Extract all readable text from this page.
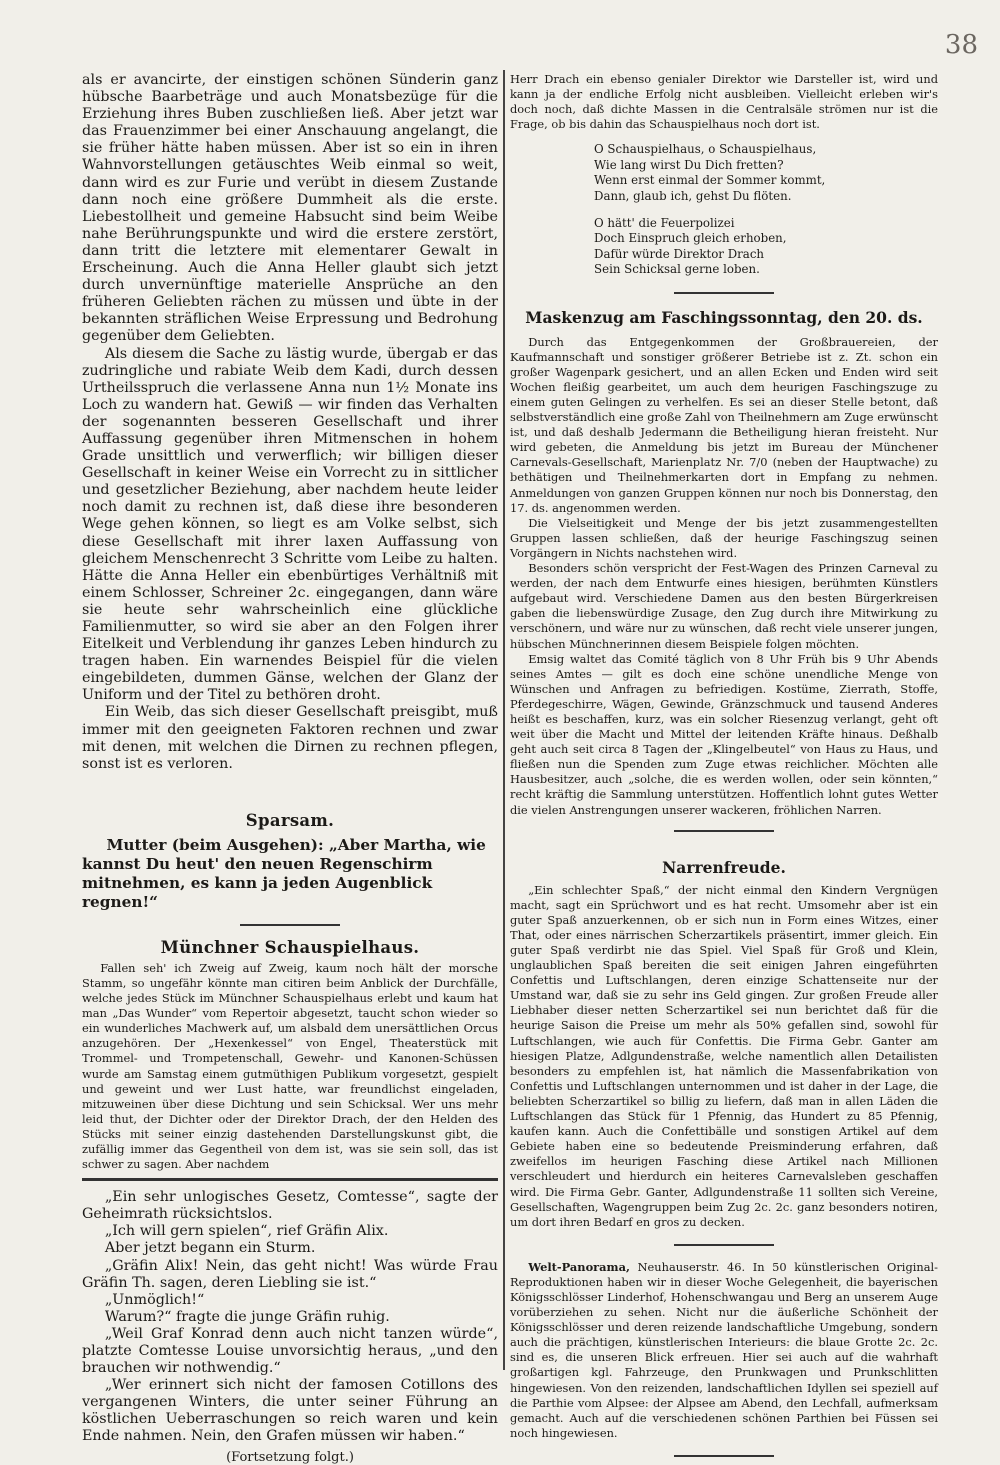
38

als er avancirte, der einstigen schönen Sünderin ganz hübsche Baarbeträge und auch Monatsbezüge für die Erziehung ihres Buben zuschließen ließ. Aber jetzt war das Frauenzimmer bei einer Anschauung angelangt, die sie früher hätte haben müssen. Aber ist so ein in ihren Wahnvorstellungen getäuschtes Weib einmal so weit, dann wird es zur Furie und verübt in diesem Zustande dann noch eine größere Dummheit als die erste. Liebestollheit und gemeine Habsucht sind beim Weibe nahe Berührungspunkte und wird die erstere zerstört, dann tritt die letztere mit elementarer Gewalt in Erscheinung. Auch die Anna Heller glaubt sich jetzt durch unvernünftige materielle Ansprüche an den früheren Geliebten rächen zu müssen und übte in der bekannten sträflichen Weise Erpressung und Bedrohung gegenüber dem Geliebten.

Als diesem die Sache zu lästig wurde, übergab er das zudringliche und rabiate Weib dem Kadi, durch dessen Urtheilsspruch die verlassene Anna nun 1½ Monate ins Loch zu wandern hat. Gewiß — wir finden das Verhalten der sogenannten besseren Gesellschaft und ihrer Auffassung gegenüber ihren Mitmenschen in hohem Grade unsittlich und verwerflich; wir billigen dieser Gesellschaft in keiner Weise ein Vorrecht zu in sittlicher und gesetzlicher Beziehung, aber nachdem heute leider noch damit zu rechnen ist, daß diese ihre besonderen Wege gehen können, so liegt es am Volke selbst, sich diese Gesellschaft mit ihrer laxen Auffassung von gleichem Menschenrecht 3 Schritte vom Leibe zu halten. Hätte die Anna Heller ein ebenbürtiges Verhältniß mit einem Schlosser, Schreiner 2c. eingegangen, dann wäre sie heute sehr wahrscheinlich eine glückliche Familienmutter, so wird sie aber an den Folgen ihrer Eitelkeit und Verblendung ihr ganzes Leben hindurch zu tragen haben. Ein warnendes Beispiel für die vielen eingebildeten, dummen Gänse, welchen der Glanz der Uniform und der Titel zu bethören droht.

Ein Weib, das sich dieser Gesellschaft preisgibt, muß immer mit den geeigneten Faktoren rechnen und zwar mit denen, mit welchen die Dirnen zu rechnen pflegen, sonst ist es verloren.

Sparsam.

Mutter (beim Ausgehen): „Aber Martha, wie kannst Du heut' den neuen Regenschirm mitnehmen, es kann ja jeden Augenblick regnen!“

Münchner Schauspielhaus.

Fallen seh' ich Zweig auf Zweig, kaum noch hält der morsche Stamm, so ungefähr könnte man citiren beim Anblick der Durchfälle, welche jedes Stück im Münchner Schauspielhaus erlebt und kaum hat man „Das Wunder“ vom Repertoir abgesetzt, taucht schon wieder so ein wunderliches Machwerk auf, um alsbald dem unersättlichen Orcus anzugehören. Der „Hexenkessel“ von Engel, Theaterstück mit Trommel- und Trompetenschall, Gewehr- und Kanonen-Schüssen wurde am Samstag einem gutmüthigen Publikum vorgesetzt, gespielt und geweint und wer Lust hatte, war freundlichst eingeladen, mitzuweinen über diese Dichtung und sein Schicksal. Wer uns mehr leid thut, der Dichter oder der Direktor Drach, der den Helden des Stücks mit seiner einzig dastehenden Darstellungskunst gibt, die zufällig immer das Gegentheil von dem ist, was sie sein soll, das ist schwer zu sagen. Aber nachdem

„Ein sehr unlogisches Gesetz, Comtesse“, sagte der Geheimrath rücksichtslos.

„Ich will gern spielen“, rief Gräfin Alix.

Aber jetzt begann ein Sturm.

„Gräfin Alix! Nein, das geht nicht! Was würde Frau Gräfin Th. sagen, deren Liebling sie ist.“

„Unmöglich!“

Warum?“ fragte die junge Gräfin ruhig.

„Weil Graf Konrad denn auch nicht tanzen würde“, platzte Comtesse Louise unvorsichtig heraus, „und den brauchen wir nothwendig.“

„Wer erinnert sich nicht der famosen Cotillons des vergangenen Winters, die unter seiner Führung an köstlichen Ueberraschungen so reich waren und kein Ende nahmen. Nein, den Grafen müssen wir haben.“

(Fortsetzung folgt.)

Herr Drach ein ebenso genialer Direktor wie Darsteller ist, wird und kann ja der endliche Erfolg nicht ausbleiben. Vielleicht erleben wir's doch noch, daß dichte Massen in die Centralsäle strömen nur ist die Frage, ob bis dahin das Schauspielhaus noch dort ist.

O Schauspielhaus, o Schauspielhaus,

Wie lang wirst Du Dich fretten?

Wenn erst einmal der Sommer kommt,

Dann, glaub ich, gehst Du flöten.

O hätt' die Feuerpolizei

Doch Einspruch gleich erhoben,

Dafür würde Direktor Drach

Sein Schicksal gerne loben.

Maskenzug am Faschingssonntag, den 20. ds.

Durch das Entgegenkommen der Großbrauereien, der Kaufmannschaft und sonstiger größerer Betriebe ist z. Zt. schon ein großer Wagenpark gesichert, und an allen Ecken und Enden wird seit Wochen fleißig gearbeitet, um auch dem heurigen Faschingszuge zu einem guten Gelingen zu verhelfen. Es sei an dieser Stelle betont, daß selbstverständlich eine große Zahl von Theilnehmern am Zuge erwünscht ist, und daß deshalb Jedermann die Betheiligung hieran freisteht. Nur wird gebeten, die Anmeldung bis jetzt im Bureau der Münchener Carnevals-Gesellschaft, Marienplatz Nr. 7/0 (neben der Hauptwache) zu bethätigen und Theilnehmerkarten dort in Empfang zu nehmen. Anmeldungen von ganzen Gruppen können nur noch bis Donnerstag, den 17. ds. angenommen werden.

Die Vielseitigkeit und Menge der bis jetzt zusammengestellten Gruppen lassen schließen, daß der heurige Faschingszug seinen Vorgängern in Nichts nachstehen wird.

Besonders schön verspricht der Fest-Wagen des Prinzen Carneval zu werden, der nach dem Entwurfe eines hiesigen, berühmten Künstlers aufgebaut wird. Verschiedene Damen aus den besten Bürgerkreisen gaben die liebenswürdige Zusage, den Zug durch ihre Mitwirkung zu verschönern, und wäre nur zu wünschen, daß recht viele unserer jungen, hübschen Münchnerinnen diesem Beispiele folgen möchten.

Emsig waltet das Comité täglich von 8 Uhr Früh bis 9 Uhr Abends seines Amtes — gilt es doch eine schöne unendliche Menge von Wünschen und Anfragen zu befriedigen. Kostüme, Zierrath, Stoffe, Pferdegeschirre, Wägen, Gewinde, Gränzschmuck und tausend Anderes heißt es beschaffen, kurz, was ein solcher Riesenzug verlangt, geht oft weit über die Macht und Mittel der leitenden Kräfte hinaus. Deßhalb geht auch seit circa 8 Tagen der „Klingelbeutel“ von Haus zu Haus, und fließen nun die Spenden zum Zuge etwas reichlicher. Möchten alle Hausbesitzer, auch „solche, die es werden wollen, oder sein könnten,“ recht kräftig die Sammlung unterstützen. Hoffentlich lohnt gutes Wetter die vielen Anstrengungen unserer wackeren, fröhlichen Narren.

Narrenfreude.

„Ein schlechter Spaß,“ der nicht einmal den Kindern Vergnügen macht, sagt ein Sprüchwort und es hat recht. Umsomehr aber ist ein guter Spaß anzuerkennen, ob er sich nun in Form eines Witzes, einer That, oder eines närrischen Scherzartikels präsentirt, immer gleich. Ein guter Spaß verdirbt nie das Spiel. Viel Spaß für Groß und Klein, unglaublichen Spaß bereiten die seit einigen Jahren eingeführten Confettis und Luftschlangen, deren einzige Schattenseite nur der Umstand war, daß sie zu sehr ins Geld gingen. Zur großen Freude aller Liebhaber dieser netten Scherzartikel sei nun berichtet daß für die heurige Saison die Preise um mehr als 50% gefallen sind, sowohl für Luftschlangen, wie auch für Confettis. Die Firma Gebr. Ganter am hiesigen Platze, Adlgundenstraße, welche namentlich allen Detailisten besonders zu empfehlen ist, hat nämlich die Massenfabrikation von Confettis und Luftschlangen unternommen und ist daher in der Lage, die beliebten Scherzartikel so billig zu liefern, daß man in allen Läden die Luftschlangen das Stück für 1 Pfennig, das Hundert zu 85 Pfennig, kaufen kann. Auch die Confettibälle und sonstigen Artikel auf dem Gebiete haben eine so bedeutende Preisminderung erfahren, daß zweifellos im heurigen Fasching diese Artikel nach Millionen verschleudert und hierdurch ein heiteres Carnevalsleben geschaffen wird. Die Firma Gebr. Ganter, Adlgundenstraße 11 sollten sich Vereine, Gesellschaften, Wagengruppen beim Zug 2c. 2c. ganz besonders notiren, um dort ihren Bedarf en gros zu decken.

Welt-Panorama, Neuhauserstr. 46. In 50 künstlerischen Original-Reproduktionen haben wir in dieser Woche Gelegenheit, die bayerischen Königsschlösser Linderhof, Hohenschwangau und Berg an unserem Auge vorüberziehen zu sehen. Nicht nur die äußerliche Schönheit der Königsschlösser und deren reizende landschaftliche Umgebung, sondern auch die prächtigen, künstlerischen Interieurs: die blaue Grotte 2c. 2c. sind es, die unseren Blick erfreuen. Hier sei auch auf die wahrhaft großartigen kgl. Fahrzeuge, den Prunkwagen und Prunkschlitten hingewiesen. Von den reizenden, landschaftlichen Idyllen sei speziell auf die Parthie vom Alpsee: der Alpsee am Abend, den Lechfall, aufmerksam gemacht. Auch auf die verschiedenen schönen Parthien bei Füssen sei noch hingewiesen.
